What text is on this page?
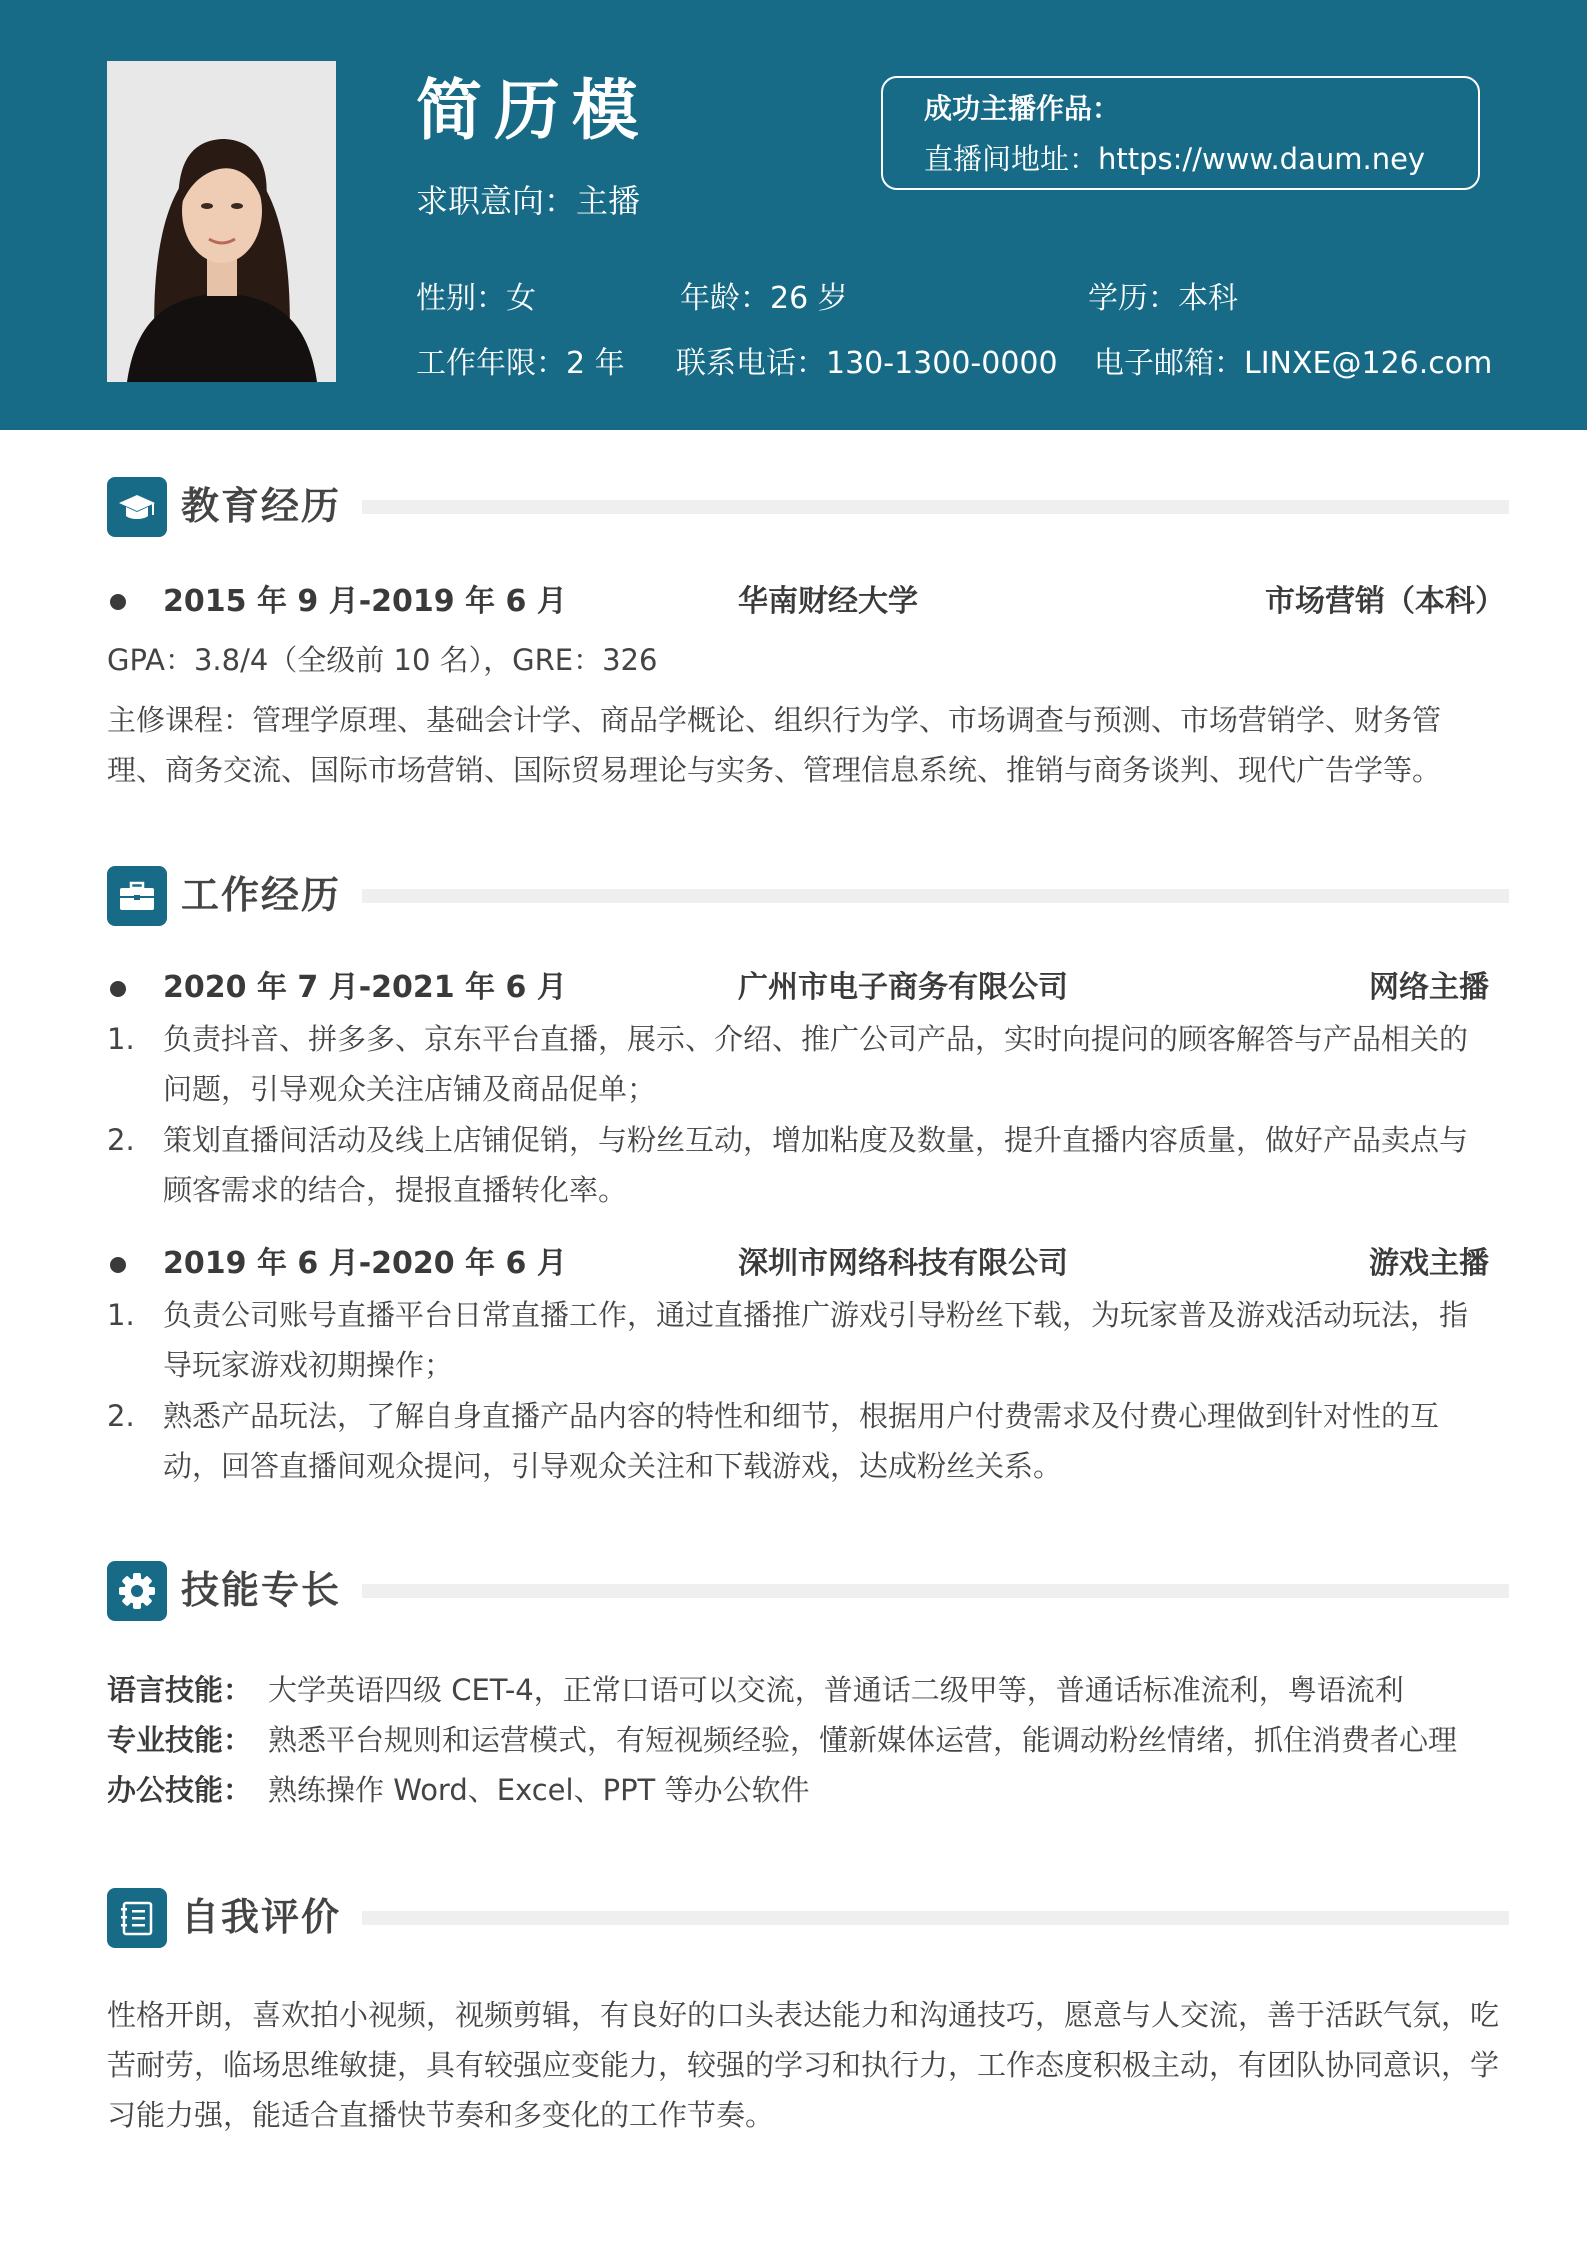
简历模
求职意向：主播
性别：女	年龄：26 岁	学历：本科
工作年限：2 年 联系电话：130-1300-0000 电子邮箱：LINXE@126.com
成功主播作品：
直播间地址：https://www.daum.ney
教育经历
2015 年 9 月-2019 年 6 月	华南财经大学	市场营销（本科）
GPA：3.8/4（全级前 10 名），GRE：326
主修课程：管理学原理、基础会计学、商品学概论、组织行为学、市场调查与预测、市场营销学、财务管理、商务交流、国际市场营销、国际贸易理论与实务、管理信息系统、推销与商务谈判、现代广告学等。
工作经历
2020 年 7 月-2021 年 6 月	广州市电子商务有限公司	网络主播
1. 负责抖音、拼多多、京东平台直播，展示、介绍、推广公司产品，实时向提问的顾客解答与产品相关的问题，引导观众关注店铺及商品促单；
2. 策划直播间活动及线上店铺促销，与粉丝互动，增加粘度及数量，提升直播内容质量，做好产品卖点与顾客需求的结合，提报直播转化率。
2019 年 6 月-2020 年 6 月	深圳市网络科技有限公司	游戏主播
1. 负责公司账号直播平台日常直播工作，通过直播推广游戏引导粉丝下载，为玩家普及游戏活动玩法，指导玩家游戏初期操作；
2. 熟悉产品玩法，了解自身直播产品内容的特性和细节，根据用户付费需求及付费心理做到针对性的互动，回答直播间观众提问，引导观众关注和下载游戏，达成粉丝关系。
技能专长
语言技能： 大学英语四级 CET-4，正常口语可以交流，普通话二级甲等，普通话标准流利，粤语流利
专业技能： 熟悉平台规则和运营模式，有短视频经验，懂新媒体运营，能调动粉丝情绪，抓住消费者心理
办公技能： 熟练操作 Word、Excel、PPT 等办公软件
自我评价
性格开朗，喜欢拍小视频，视频剪辑，有良好的口头表达能力和沟通技巧，愿意与人交流，善于活跃气氛，吃苦耐劳，临场思维敏捷，具有较强应变能力，较强的学习和执行力，工作态度积极主动，有团队协同意识，学习能力强，能适合直播快节奏和多变化的工作节奏。
